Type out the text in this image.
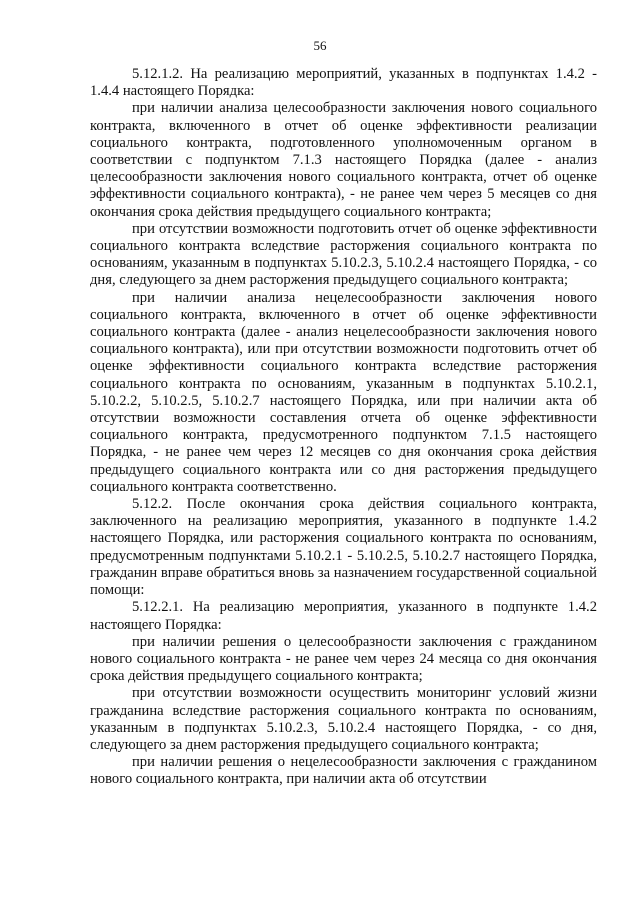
56

5.12.1.2. На реализацию мероприятий, указанных в подпунктах 1.4.2 - 1.4.4 настоящего Порядка:

при наличии анализа целесообразности заключения нового социального контракта, включенного в отчет об оценке эффективности реализации социального контракта, подготовленного уполномоченным органом в соответствии с подпунктом 7.1.3 настоящего Порядка (далее - анализ целесообразности заключения нового социального контракта, отчет об оценке эффективности социального контракта), - не ранее чем через 5 месяцев со дня окончания срока действия предыдущего социального контракта;

при отсутствии возможности подготовить отчет об оценке эффективности социального контракта вследствие расторжения социального контракта по основаниям, указанным в подпунктах 5.10.2.3, 5.10.2.4 настоящего Порядка, - со дня, следующего за днем расторжения предыдущего социального контракта;

при наличии анализа нецелесообразности заключения нового социального контракта, включенного в отчет об оценке эффективности социального контракта (далее - анализ нецелесообразности заключения нового социального контракта), или при отсутствии возможности подготовить отчет об оценке эффективности социального контракта вследствие расторжения социального контракта по основаниям, указанным в подпунктах 5.10.2.1, 5.10.2.2, 5.10.2.5, 5.10.2.7 настоящего Порядка, или при наличии акта об отсутствии возможности составления отчета об оценке эффективности социального контракта, предусмотренного подпунктом 7.1.5 настоящего Порядка, - не ранее чем через 12 месяцев со дня окончания срока действия предыдущего социального контракта или со дня расторжения предыдущего социального контракта соответственно.

5.12.2. После окончания срока действия социального контракта, заключенного на реализацию мероприятия, указанного в подпункте 1.4.2 настоящего Порядка, или расторжения социального контракта по основаниям, предусмотренным подпунктами 5.10.2.1 - 5.10.2.5, 5.10.2.7 настоящего Порядка, гражданин вправе обратиться вновь за назначением государственной социальной помощи:

5.12.2.1. На реализацию мероприятия, указанного в подпункте 1.4.2 настоящего Порядка:

при наличии решения о целесообразности заключения с гражданином нового социального контракта - не ранее чем через 24 месяца со дня окончания срока действия предыдущего социального контракта;

при отсутствии возможности осуществить мониторинг условий жизни гражданина вследствие расторжения социального контракта по основаниям, указанным в подпунктах 5.10.2.3, 5.10.2.4 настоящего Порядка, - со дня, следующего за днем расторжения предыдущего социального контракта;

при наличии решения о нецелесообразности заключения с гражданином нового социального контракта, при наличии акта об отсутствии
